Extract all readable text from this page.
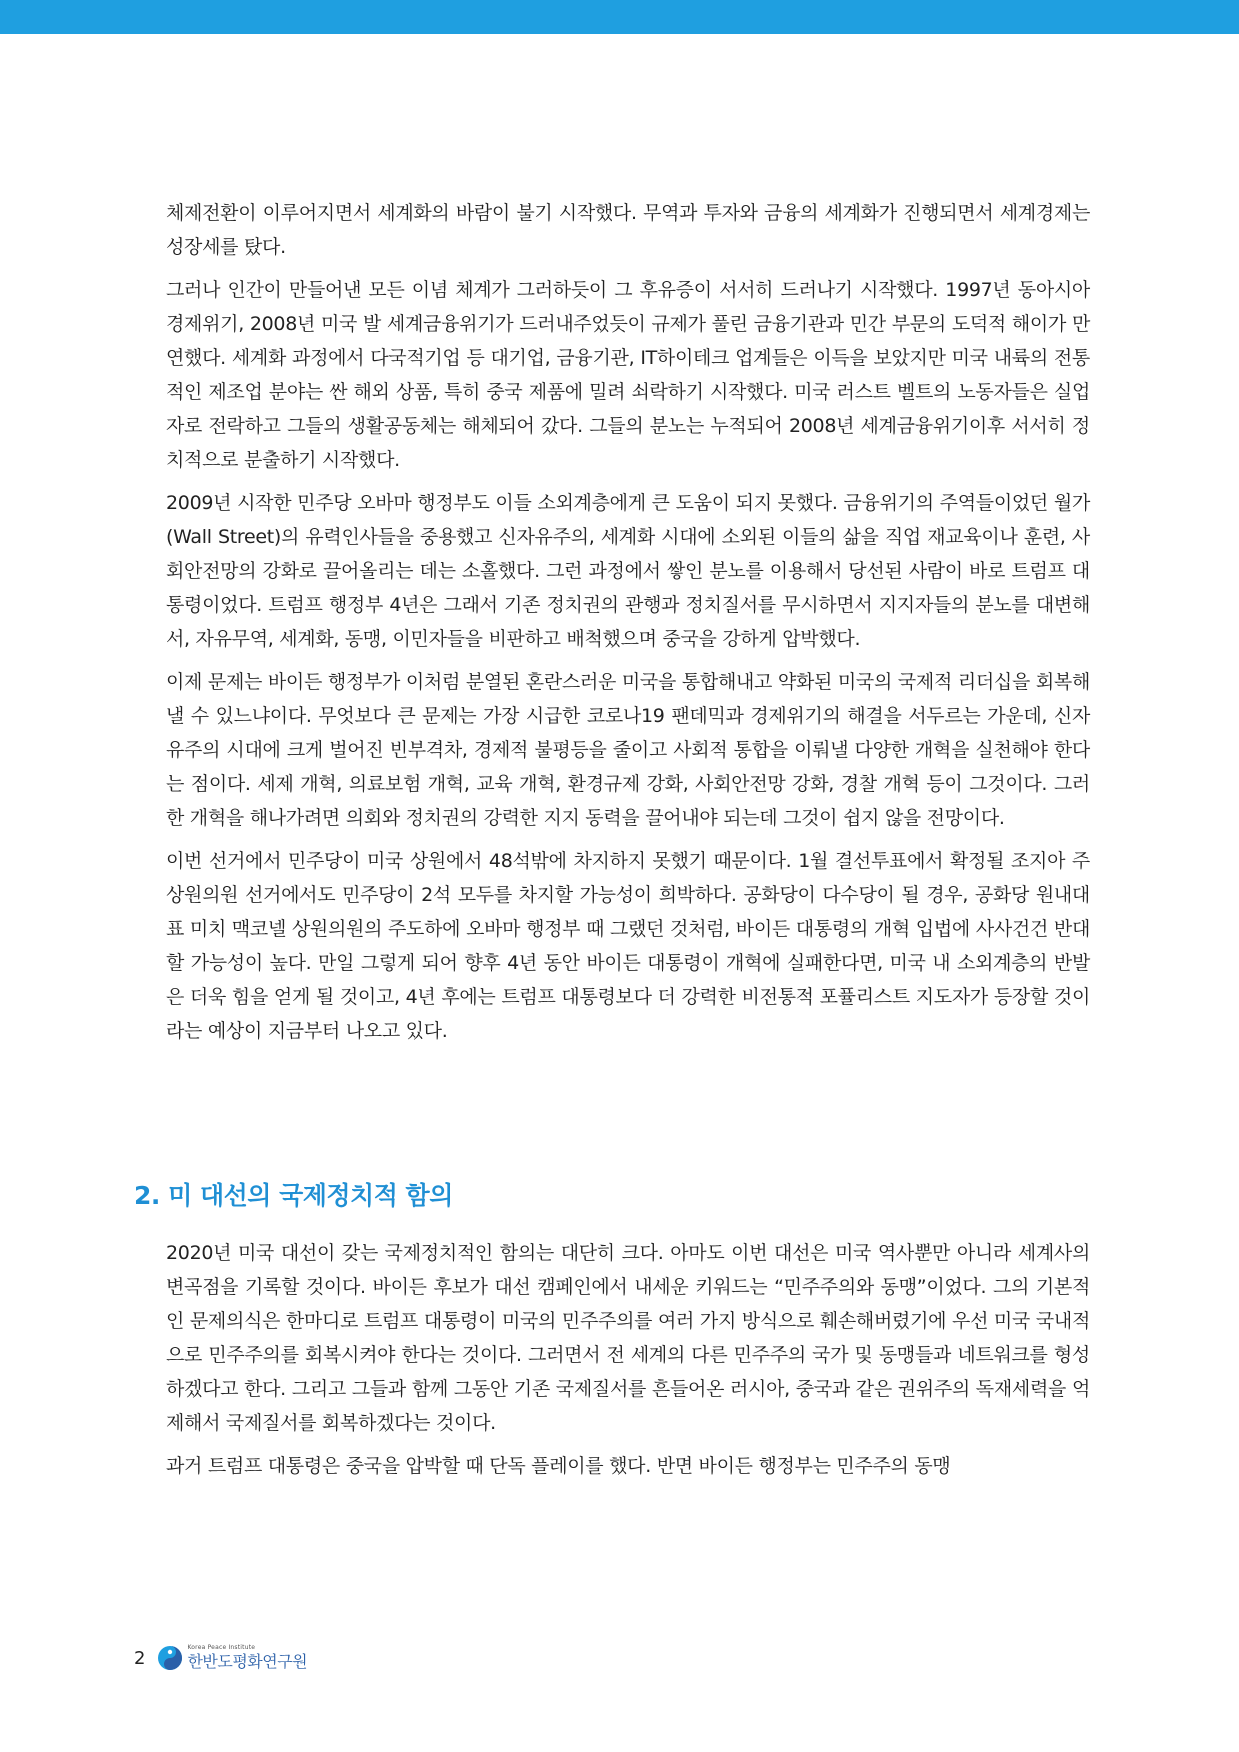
체제전환이 이루어지면서 세계화의 바람이 불기 시작했다. 무역과 투자와 금융의 세계화가 진행되면서 세계경제는 성장세를 탔다.

그러나 인간이 만들어낸 모든 이념 체계가 그러하듯이 그 후유증이 서서히 드러나기 시작했다. 1997년 동아시아 경제위기, 2008년 미국 발 세계금융위기가 드러내주었듯이 규제가 풀린 금융기관과 민간 부문의 도덕적 해이가 만연했다. 세계화 과정에서 다국적기업 등 대기업, 금융기관, IT하이테크 업계들은 이득을 보았지만 미국 내륙의 전통적인 제조업 분야는 싼 해외 상품, 특히 중국 제품에 밀려 쇠락하기 시작했다. 미국 러스트 벨트의 노동자들은 실업자로 전락하고 그들의 생활공동체는 해체되어 갔다. 그들의 분노는 누적되어 2008년 세계금융위기이후 서서히 정치적으로 분출하기 시작했다.

2009년 시작한 민주당 오바마 행정부도 이들 소외계층에게 큰 도움이 되지 못했다. 금융위기의 주역들이었던 월가(Wall Street)의 유력인사들을 중용했고 신자유주의, 세계화 시대에 소외된 이들의 삶을 직업 재교육이나 훈련, 사회안전망의 강화로 끌어올리는 데는 소홀했다. 그런 과정에서 쌓인 분노를 이용해서 당선된 사람이 바로 트럼프 대통령이었다. 트럼프 행정부 4년은 그래서 기존 정치권의 관행과 정치질서를 무시하면서 지지자들의 분노를 대변해서, 자유무역, 세계화, 동맹, 이민자들을 비판하고 배척했으며 중국을 강하게 압박했다.

이제 문제는 바이든 행정부가 이처럼 분열된 혼란스러운 미국을 통합해내고 약화된 미국의 국제적 리더십을 회복해낼 수 있느냐이다. 무엇보다 큰 문제는 가장 시급한 코로나19 팬데믹과 경제위기의 해결을 서두르는 가운데, 신자유주의 시대에 크게 벌어진 빈부격차, 경제적 불평등을 줄이고 사회적 통합을 이뤄낼 다양한 개혁을 실천해야 한다는 점이다. 세제 개혁, 의료보험 개혁, 교육 개혁, 환경규제 강화, 사회안전망 강화, 경찰 개혁 등이 그것이다. 그러한 개혁을 해나가려면 의회와 정치권의 강력한 지지 동력을 끌어내야 되는데 그것이 쉽지 않을 전망이다.

이번 선거에서 민주당이 미국 상원에서 48석밖에 차지하지 못했기 때문이다. 1월 결선투표에서 확정될 조지아 주 상원의원 선거에서도 민주당이 2석 모두를 차지할 가능성이 희박하다. 공화당이 다수당이 될 경우, 공화당 원내대표 미치 맥코넬 상원의원의 주도하에 오바마 행정부 때 그랬던 것처럼, 바이든 대통령의 개혁 입법에 사사건건 반대할 가능성이 높다. 만일 그렇게 되어 향후 4년 동안 바이든 대통령이 개혁에 실패한다면, 미국 내 소외계층의 반발은 더욱 힘을 얻게 될 것이고, 4년 후에는 트럼프 대통령보다 더 강력한 비전통적 포퓰리스트 지도자가 등장할 것이라는 예상이 지금부터 나오고 있다.

2. 미 대선의 국제정치적 함의

2020년 미국 대선이 갖는 국제정치적인 함의는 대단히 크다. 아마도 이번 대선은 미국 역사뿐만 아니라 세계사의 변곡점을 기록할 것이다. 바이든 후보가 대선 캠페인에서 내세운 키워드는 “민주주의와 동맹”이었다. 그의 기본적인 문제의식은 한마디로 트럼프 대통령이 미국의 민주주의를 여러 가지 방식으로 훼손해버렸기에 우선 미국 국내적으로 민주주의를 회복시켜야 한다는 것이다. 그러면서 전 세계의 다른 민주주의 국가 및 동맹들과 네트워크를 형성하겠다고 한다. 그리고 그들과 함께 그동안 기존 국제질서를 흔들어온 러시아, 중국과 같은 권위주의 독재세력을 억제해서 국제질서를 회복하겠다는 것이다.

과거 트럼프 대통령은 중국을 압박할 때 단독 플레이를 했다. 반면 바이든 행정부는 민주주의 동맹

2	Korea Peace Institute
한반도평화연구원
